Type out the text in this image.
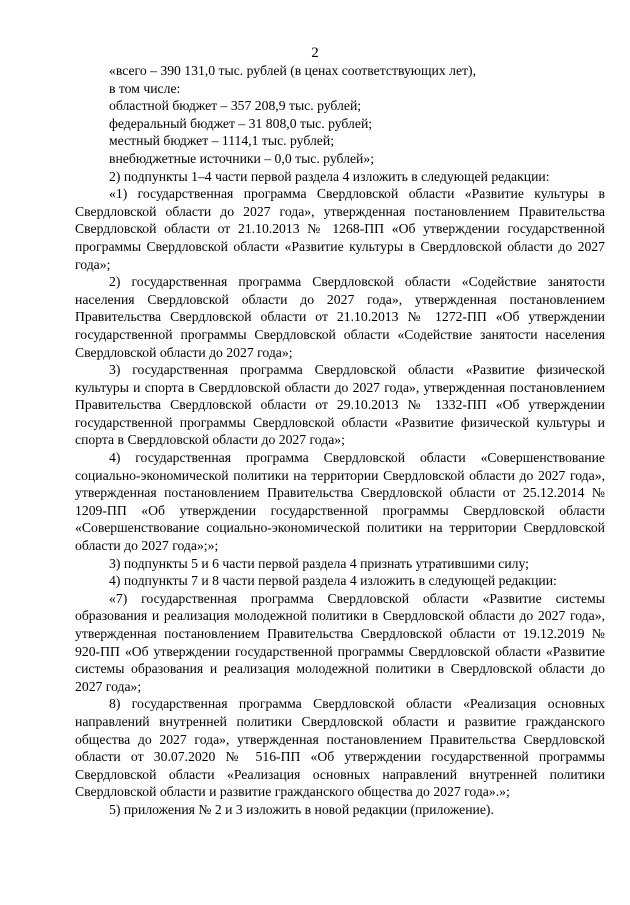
2

«всего – 390 131,0 тыс. рублей (в ценах соответствующих лет),

в том числе:

областной бюджет – 357 208,9 тыс. рублей;

федеральный бюджет – 31 808,0 тыс. рублей;

местный бюджет – 1114,1 тыс. рублей;

внебюджетные источники – 0,0 тыс. рублей»;

2) подпункты 1–4 части первой раздела 4 изложить в следующей редакции:

«1) государственная программа Свердловской области «Развитие культуры в Свердловской области до 2027 года», утвержденная постановлением Правительства Свердловской области от 21.10.2013 № 1268-ПП «Об утверждении государственной программы Свердловской области «Развитие культуры в Свердловской области до 2027 года»;

2) государственная программа Свердловской области «Содействие занятости населения Свердловской области до 2027 года», утвержденная постановлением Правительства Свердловской области от 21.10.2013 № 1272-ПП «Об утверждении государственной программы Свердловской области «Содействие занятости населения Свердловской области до 2027 года»;

3) государственная программа Свердловской области «Развитие физической культуры и спорта в Свердловской области до 2027 года», утвержденная постановлением Правительства Свердловской области от 29.10.2013 № 1332-ПП «Об утверждении государственной программы Свердловской области «Развитие физической культуры и спорта в Свердловской области до 2027 года»;

4) государственная программа Свердловской области «Совершенствование социально-экономической политики на территории Свердловской области до 2027 года», утвержденная постановлением Правительства Свердловской области от 25.12.2014 № 1209-ПП «Об утверждении государственной программы Свердловской области «Совершенствование социально-экономической политики на территории Свердловской области до 2027 года»;»;

3) подпункты 5 и 6 части первой раздела 4 признать утратившими силу;

4) подпункты 7 и 8 части первой раздела 4 изложить в следующей редакции:

«7) государственная программа Свердловской области «Развитие системы образования и реализация молодежной политики в Свердловской области до 2027 года», утвержденная постановлением Правительства Свердловской области от 19.12.2019 № 920-ПП «Об утверждении государственной программы Свердловской области «Развитие системы образования и реализация молодежной политики в Свердловской области до 2027 года»;

8) государственная программа Свердловской области «Реализация основных направлений внутренней политики Свердловской области и развитие гражданского общества до 2027 года», утвержденная постановлением Правительства Свердловской области от 30.07.2020 № 516-ПП «Об утверждении государственной программы Свердловской области «Реализация основных направлений внутренней политики Свердловской области и развитие гражданского общества до 2027 года».»;

5) приложения № 2 и 3 изложить в новой редакции (приложение).
